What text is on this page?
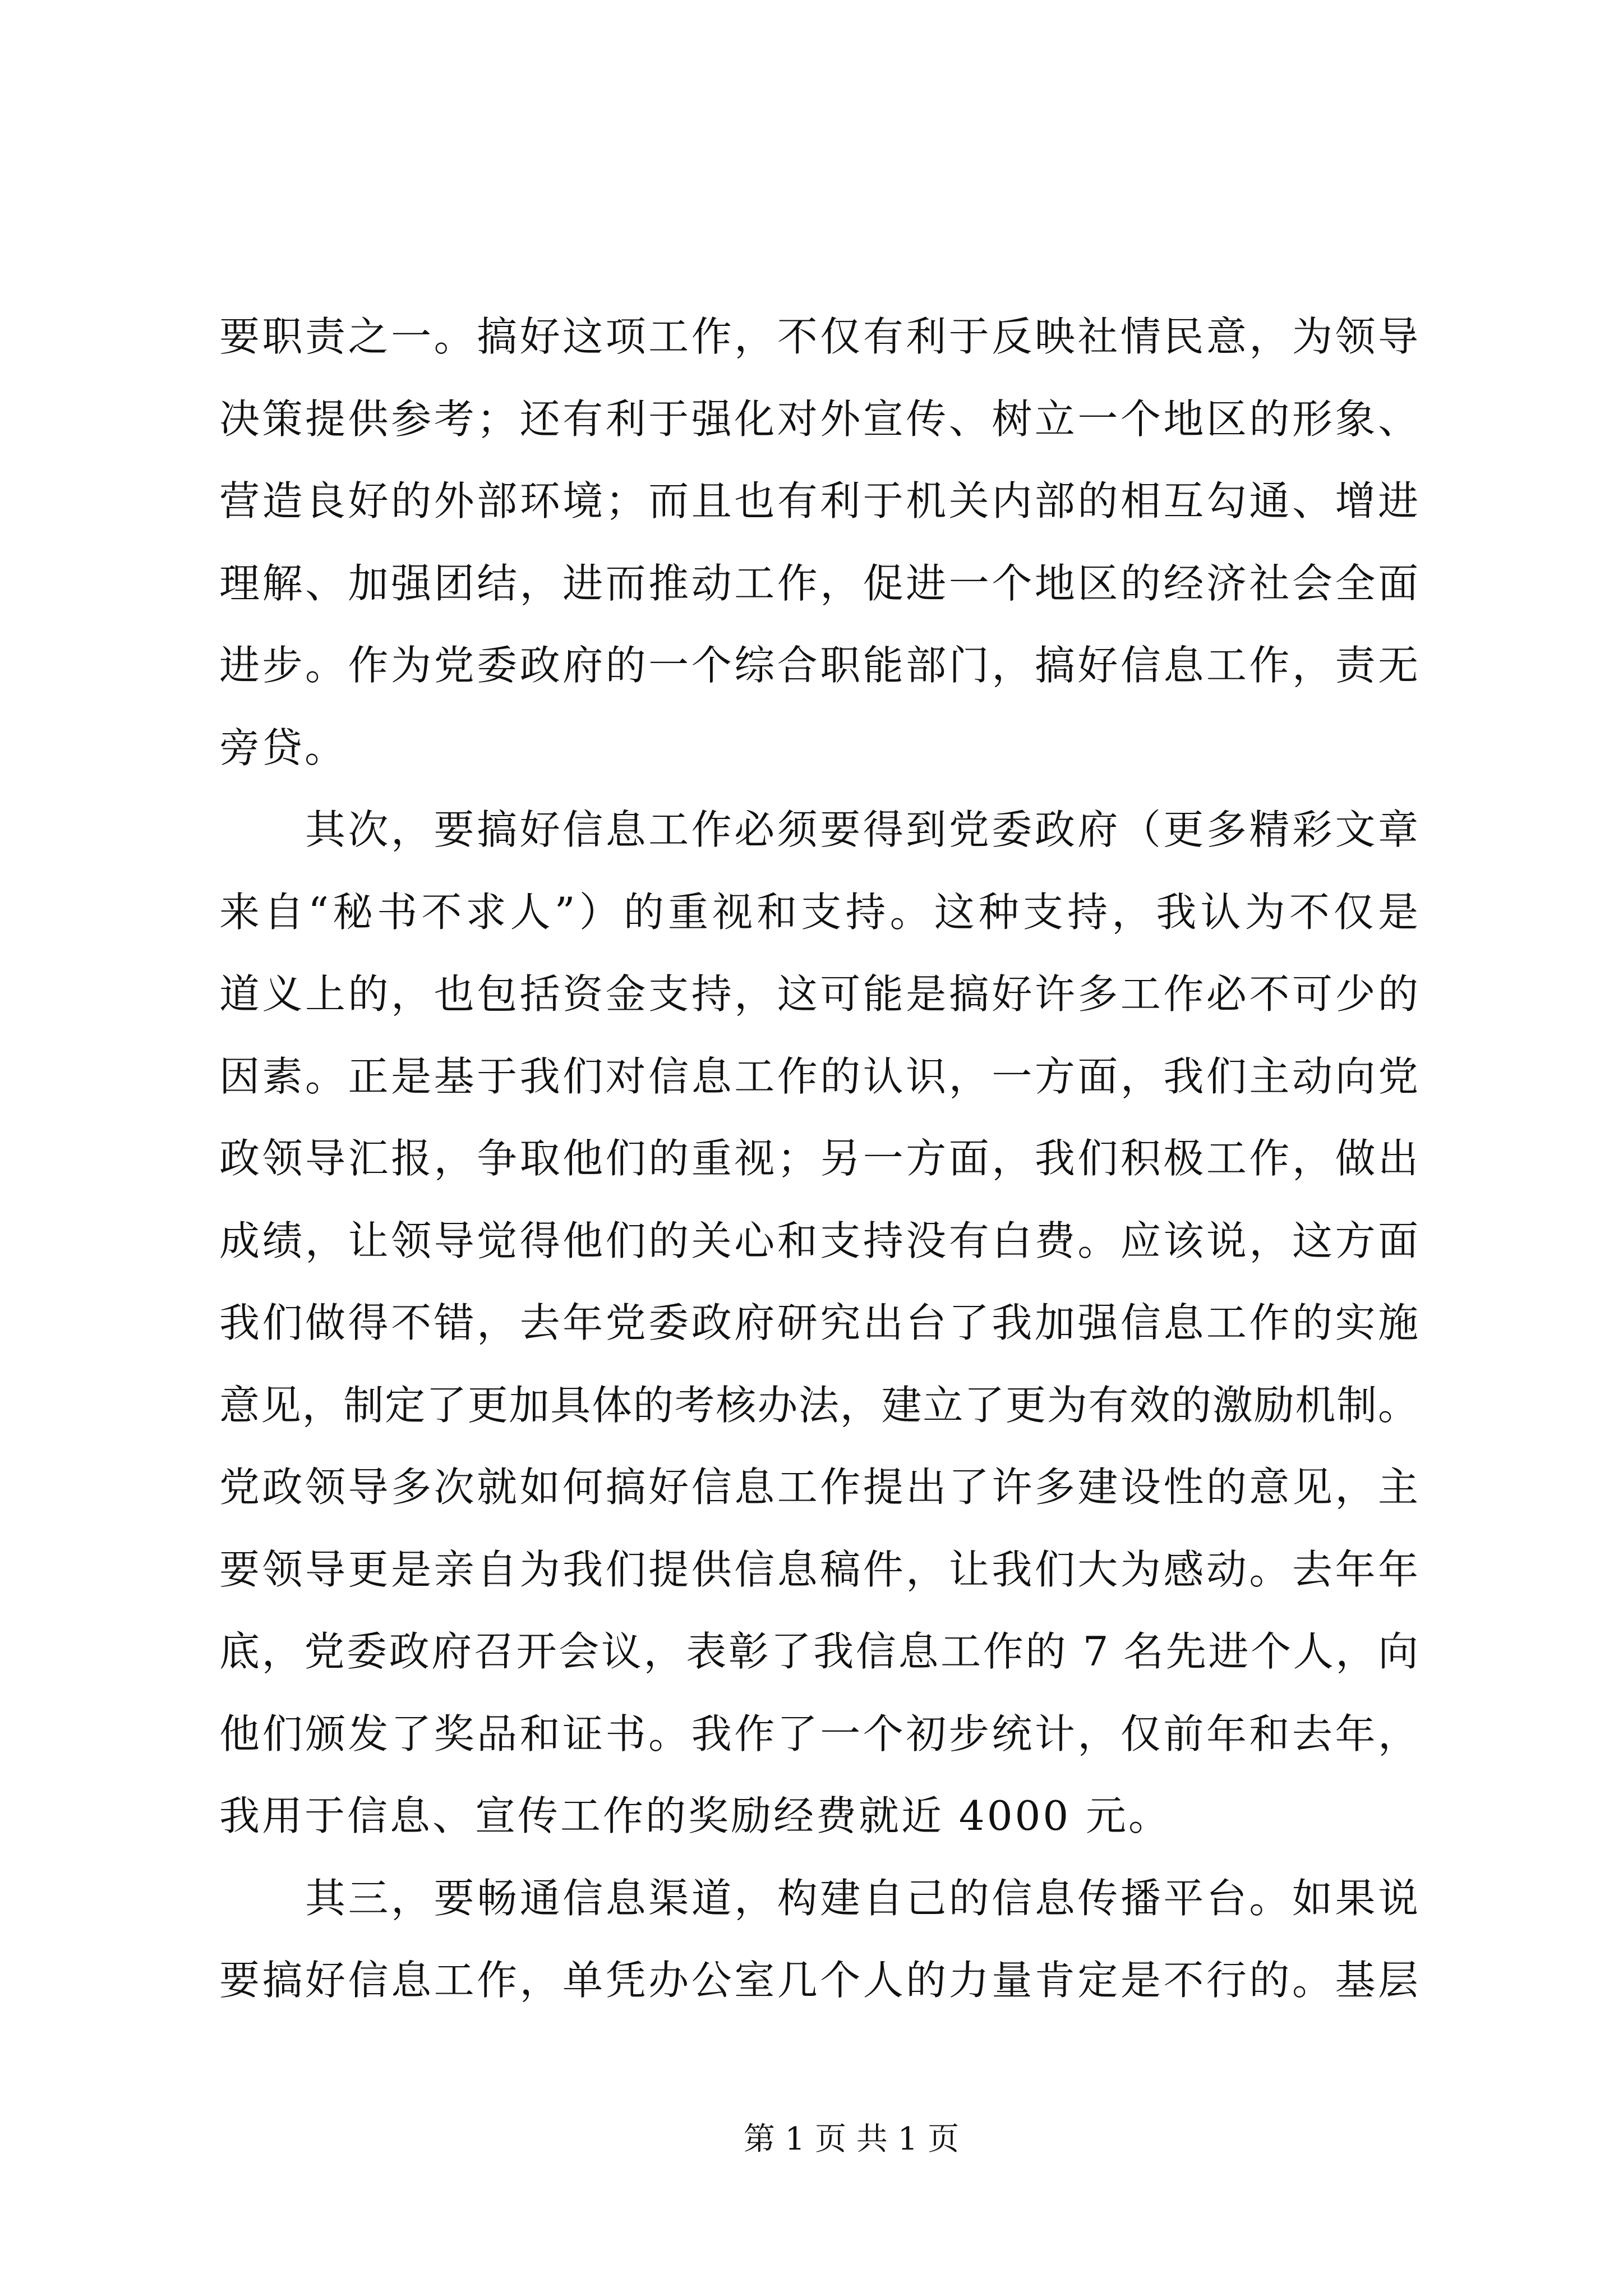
要职责之一。搞好这项工作，不仅有利于反映社情民意，为领导
决策提供参考；还有利于强化对外宣传、树立一个地区的形象、
营造良好的外部环境；而且也有利于机关内部的相互勾通、增进
理解、加强团结，进而推动工作，促进一个地区的经济社会全面
进步。作为党委政府的一个综合职能部门，搞好信息工作，责无
旁贷。
其次，要搞好信息工作必须要得到党委政府（更多精彩文章
来自“秘书不求人”）的重视和支持。这种支持，我认为不仅是
道义上的，也包括资金支持，这可能是搞好许多工作必不可少的
因素。正是基于我们对信息工作的认识，一方面，我们主动向党
政领导汇报，争取他们的重视；另一方面，我们积极工作，做出
成绩，让领导觉得他们的关心和支持没有白费。应该说，这方面
我们做得不错，去年党委政府研究出台了我加强信息工作的实施
意见，制定了更加具体的考核办法，建立了更为有效的激励机制。
党政领导多次就如何搞好信息工作提出了许多建设性的意见，主
要领导更是亲自为我们提供信息稿件，让我们大为感动。去年年
底，党委政府召开会议，表彰了我信息工作的 7 名先进个人，向
他们颁发了奖品和证书。我作了一个初步统计，仅前年和去年，
我用于信息、宣传工作的奖励经费就近 4000 元。
其三，要畅通信息渠道，构建自己的信息传播平台。如果说
要搞好信息工作，单凭办公室几个人的力量肯定是不行的。基层
第 1 页 共 1 页
